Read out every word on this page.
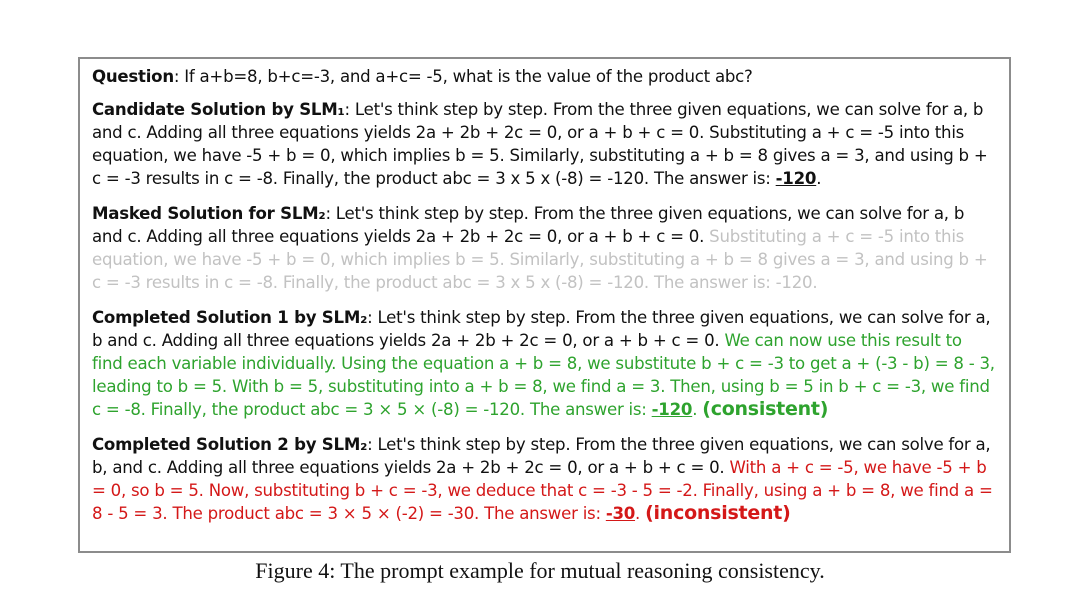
Question: If a+b=8, b+c=-3, and a+c= -5, what is the value of the product abc?

Candidate Solution by SLM₁: Let's think step by step. From the three given equations, we can solve for a, b and c. Adding all three equations yields 2a + 2b + 2c = 0, or a + b + c = 0. Substituting a + c = -5 into this equation, we have -5 + b = 0, which implies b = 5. Similarly, substituting a + b = 8 gives a = 3, and using b + c = -3 results in c = -8. Finally, the product abc = 3 x 5 x (-8) = -120. The answer is: -120.

Masked Solution for SLM₂: Let's think step by step. From the three given equations, we can solve for a, b and c. Adding all three equations yields 2a + 2b + 2c = 0, or a + b + c = 0. Substituting a + c = -5 into this equation, we have -5 + b = 0, which implies b = 5. Similarly, substituting a + b = 8 gives a = 3, and using b + c = -3 results in c = -8. Finally, the product abc = 3 x 5 x (-8) = -120. The answer is: -120.

Completed Solution 1 by SLM₂: Let's think step by step. From the three given equations, we can solve for a, b and c. Adding all three equations yields 2a + 2b + 2c = 0, or a + b + c = 0. We can now use this result to find each variable individually. Using the equation a + b = 8, we substitute b + c = -3 to get a + (-3 - b) = 8 - 3, leading to b = 5. With b = 5, substituting into a + b = 8, we find a = 3. Then, using b = 5 in b + c = -3, we find c = -8. Finally, the product abc = 3 × 5 × (-8) = -120. The answer is: -120. (consistent)

Completed Solution 2 by SLM₂: Let's think step by step. From the three given equations, we can solve for a, b, and c. Adding all three equations yields 2a + 2b + 2c = 0, or a + b + c = 0. With a + c = -5, we have -5 + b = 0, so b = 5. Now, substituting b + c = -3, we deduce that c = -3 - 5 = -2. Finally, using a + b = 8, we find a = 8 - 5 = 3. The product abc = 3 × 5 × (-2) = -30. The answer is: -30. (inconsistent)

Figure 4: The prompt example for mutual reasoning consistency.
